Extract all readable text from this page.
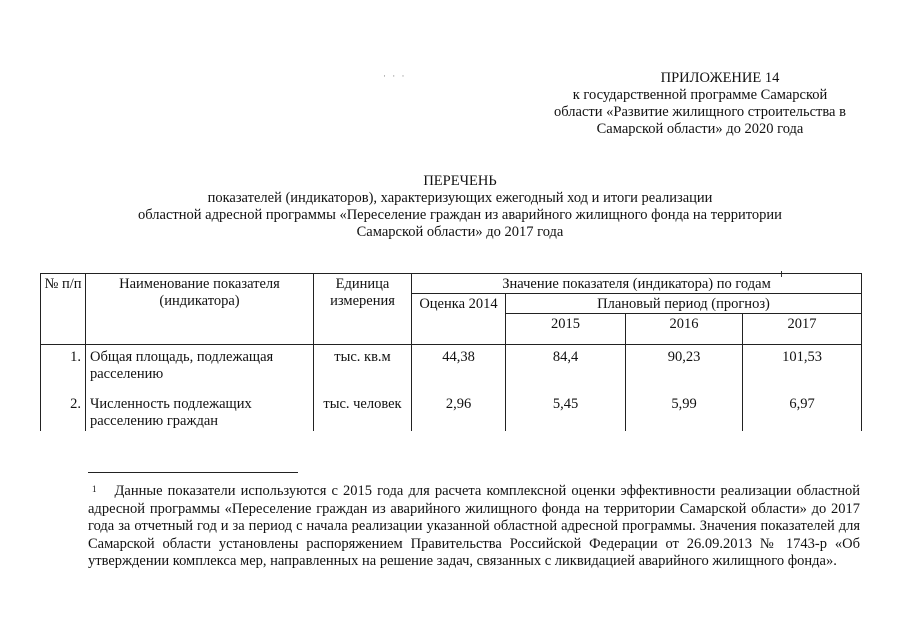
· · ·	ПРИЛОЖЕНИЕ 14
к государственной программе Самарской
области «Развитие жилищного строительства в
Самарской области» до 2020 года
ПЕРЕЧЕНЬ
показателей (индикаторов), характеризующих ежегодный ход и итоги реализации
областной адресной программы «Переселение граждан из аварийного жилищного фонда на территории
Самарской области» до 2017 года
№ п/п	Наименование показателя (индикатора)	Единица измерения	Значение показателя (индикатора) по годам			
			Оценка 2014	Плановый период (прогноз)		
				2015	2016	2017
1.	Общая площадь, подлежащая расселению	тыс. кв.м	44,38	84,4	90,23	101,53
2.	Численность подлежащих расселению граждан	тыс. человек	2,96	5,45	5,99	6,97
$^1$ Данные показатели используются с 2015 года для расчета комплексной оценки эффективности реализации областной адресной программы «Переселение граждан из аварийного жилищного фонда на территории Самарской области» до 2017 года за отчетный год и за период с начала реализации указанной областной адресной программы. Значения показателей для Самарской области установлены распоряжением Правительства Российской Федерации от 26.09.2013 № 1743-р «Об утверждении комплекса мер, направленных на решение задач, связанных с ликвидацией аварийного жилищного фонда».
